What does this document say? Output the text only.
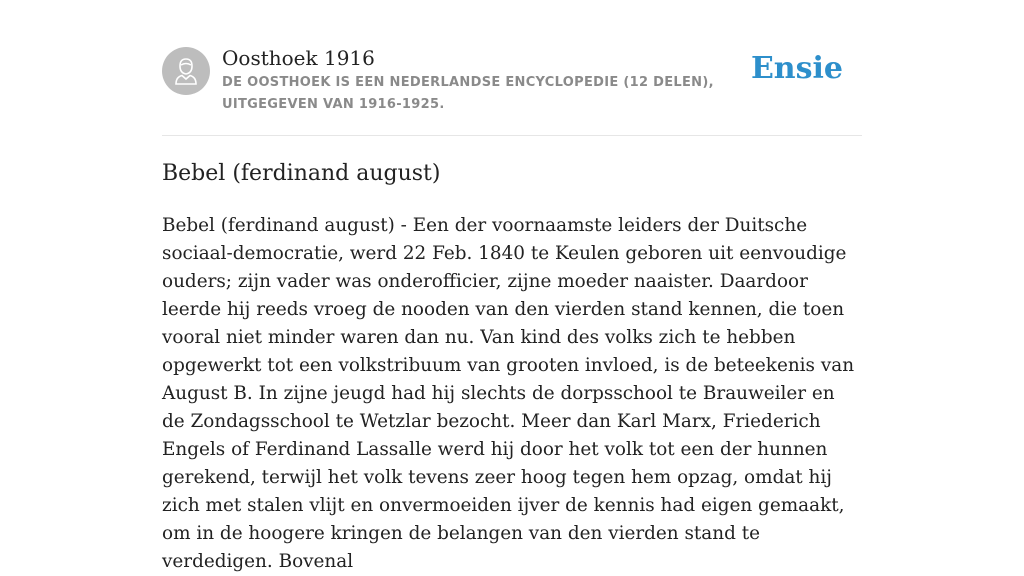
Oosthoek 1916
DE OOSTHOEK IS EEN NEDERLANDSE ENCYCLOPEDIE (12 DELEN), UITGEGEVEN VAN 1916-1925.
Ensie
Bebel (ferdinand august)

Bebel (ferdinand august) - Een der voornaamste leiders der Duitsche sociaal-democratie, werd 22 Feb. 1840 te Keulen geboren uit eenvoudige ouders; zijn vader was onderofficier, zijne moeder naaister. Daardoor leerde hij reeds vroeg de nooden van den vierden stand kennen, die toen vooral niet minder waren dan nu. Van kind des volks zich te hebben opgewerkt tot een volkstribuum van grooten invloed, is de beteekenis van August B. In zijne jeugd had hij slechts de dorpsschool te Brauweiler en de Zondagsschool te Wetzlar bezocht. Meer dan Karl Marx, Friederich Engels of Ferdinand Lassalle werd hij door het volk tot een der hunnen gerekend, terwijl het volk tevens zeer hoog tegen hem opzag, omdat hij zich met stalen vlijt en onvermoeiden ijver de kennis had eigen gemaakt, om in de hoogere kringen de belangen van den vierden stand te verdedigen. Bovenal
